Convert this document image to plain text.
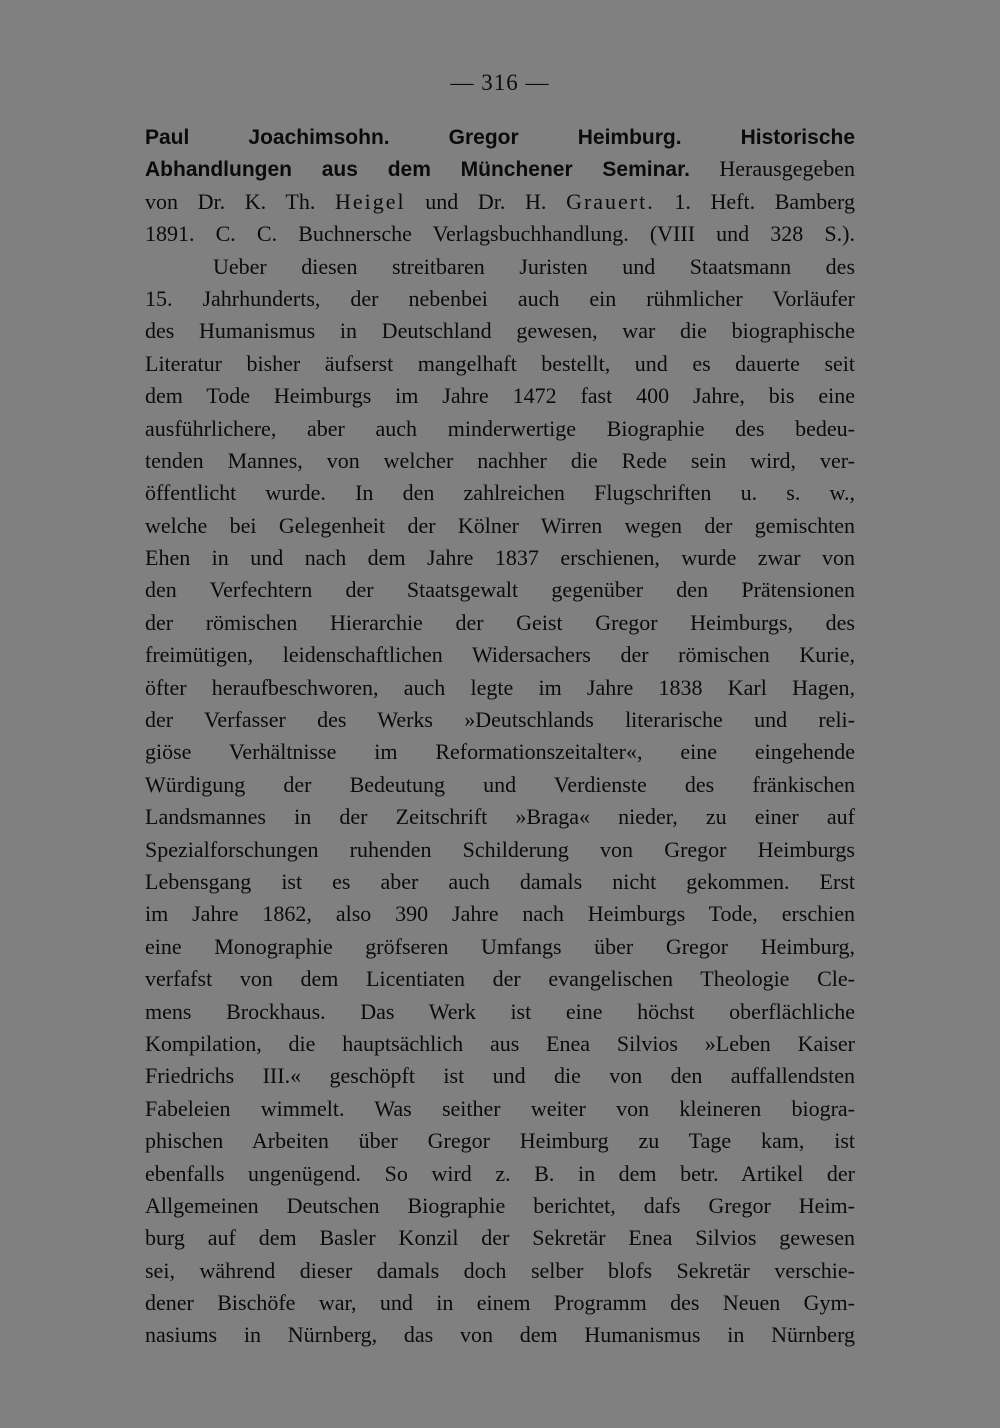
— 316 —
Paul Joachimsohn. Gregor Heimburg. Historische
Abhandlungen aus dem Münchener Seminar. Herausgegeben
von Dr. K. Th. Heigel und Dr. H. Grauert. 1. Heft. Bamberg
1891. C. C. Buchnersche Verlagsbuchhandlung. (VIII und 328 S.).
Ueber diesen streitbaren Juristen und Staatsmann des
15. Jahrhunderts, der nebenbei auch ein rühmlicher Vorläufer
des Humanismus in Deutschland gewesen, war die biographische
Literatur bisher äufserst mangelhaft bestellt, und es dauerte seit
dem Tode Heimburgs im Jahre 1472 fast 400 Jahre, bis eine
ausführlichere, aber auch minderwertige Biographie des bedeu-
tenden Mannes, von welcher nachher die Rede sein wird, ver-
öffentlicht wurde. In den zahlreichen Flugschriften u. s. w.,
welche bei Gelegenheit der Kölner Wirren wegen der gemischten
Ehen in und nach dem Jahre 1837 erschienen, wurde zwar von
den Verfechtern der Staatsgewalt gegenüber den Prätensionen
der römischen Hierarchie der Geist Gregor Heimburgs, des
freimütigen, leidenschaftlichen Widersachers der römischen Kurie,
öfter heraufbeschworen, auch legte im Jahre 1838 Karl Hagen,
der Verfasser des Werks »Deutschlands literarische und reli-
giöse Verhältnisse im Reformationszeitalter«, eine eingehende
Würdigung der Bedeutung und Verdienste des fränkischen
Landsmannes in der Zeitschrift »Braga« nieder, zu einer auf
Spezialforschungen ruhenden Schilderung von Gregor Heimburgs
Lebensgang ist es aber auch damals nicht gekommen. Erst
im Jahre 1862, also 390 Jahre nach Heimburgs Tode, erschien
eine Monographie gröfseren Umfangs über Gregor Heimburg,
verfafst von dem Licentiaten der evangelischen Theologie Cle-
mens Brockhaus. Das Werk ist eine höchst oberflächliche
Kompilation, die hauptsächlich aus Enea Silvios »Leben Kaiser
Friedrichs III.« geschöpft ist und die von den auffallendsten
Fabeleien wimmelt. Was seither weiter von kleineren biogra-
phischen Arbeiten über Gregor Heimburg zu Tage kam, ist
ebenfalls ungenügend. So wird z. B. in dem betr. Artikel der
Allgemeinen Deutschen Biographie berichtet, dafs Gregor Heim-
burg auf dem Basler Konzil der Sekretär Enea Silvios gewesen
sei, während dieser damals doch selber blofs Sekretär verschie-
dener Bischöfe war, und in einem Programm des Neuen Gym-
nasiums in Nürnberg, das von dem Humanismus in Nürnberg
